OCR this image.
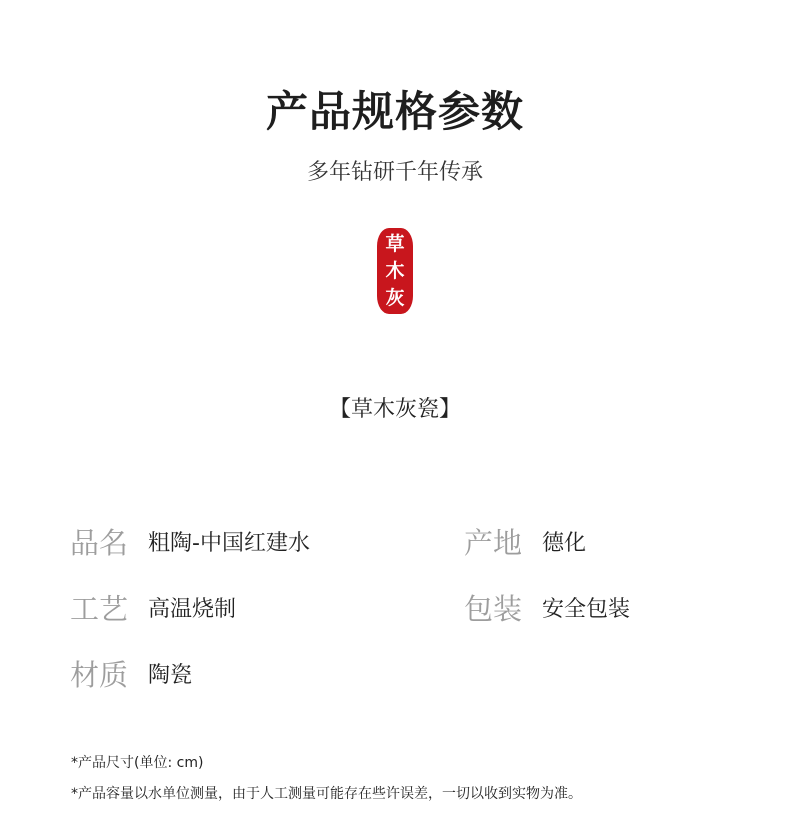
产品规格参数
多年钻研千年传承
草
木
灰
【草木灰瓷】
品名 粗陶-中国红建水	产地 德化
工艺 高温烧制	包装 安全包装
材质 陶瓷
*产品尺寸(单位: cm)
*产品容量以水单位测量，由于人工测量可能存在些许误差，一切以收到实物为准。
